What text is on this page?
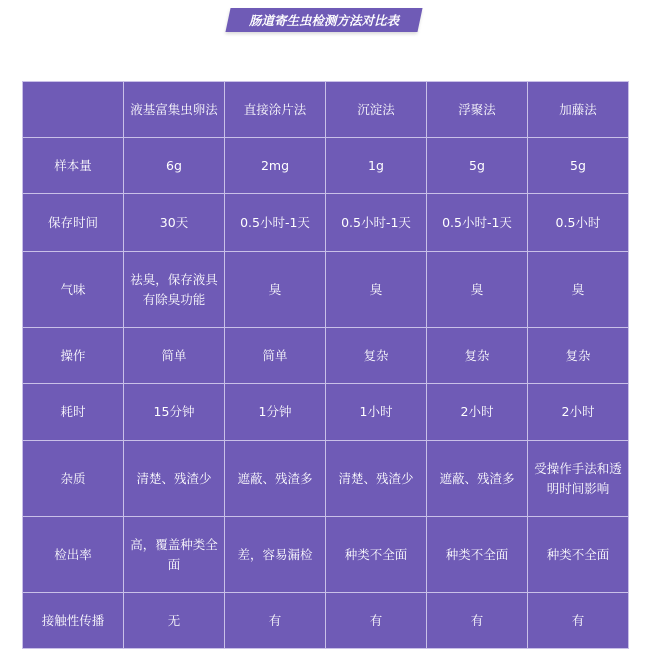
肠道寄生虫检测方法对比表
	液基富集虫卵法	直接涂片法	沉淀法	浮聚法	加藤法
样本量	6g	2mg	1g	5g	5g
保存时间	30天	0.5小时-1天	0.5小时-1天	0.5小时-1天	0.5小时
气味	祛臭，保存液具有除臭功能	臭	臭	臭	臭
操作	简单	简单	复杂	复杂	复杂
耗时	15分钟	1分钟	1小时	2小时	2小时
杂质	清楚、残渣少	遮蔽、残渣多	清楚、残渣少	遮蔽、残渣多	受操作手法和透明时间影响
检出率	高，覆盖种类全面	差，容易漏检	种类不全面	种类不全面	种类不全面
接触性传播	无	有	有	有	有
